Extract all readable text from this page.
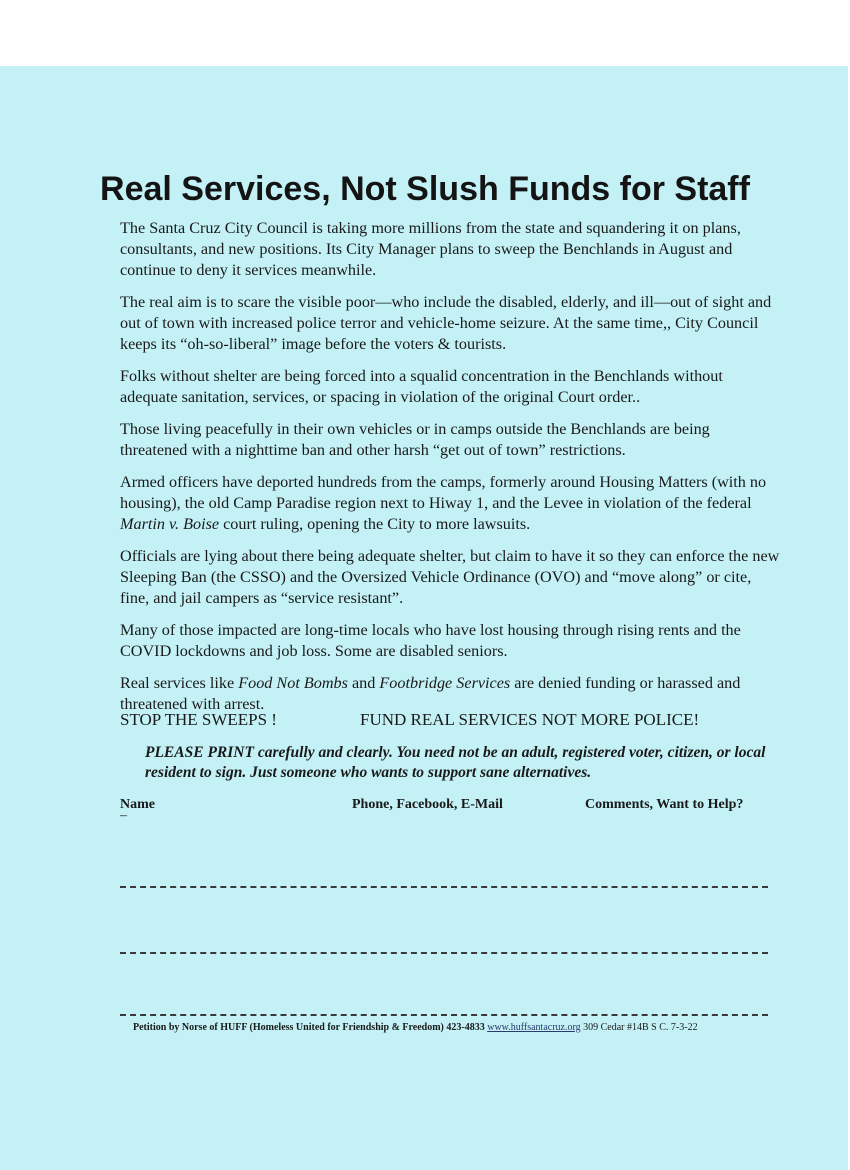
Real Services, Not Slush Funds for Staff

The Santa Cruz City Council is taking more millions from the state and squandering it on plans, consultants, and new positions. Its City Manager plans to sweep the Benchlands in August and continue to deny it services meanwhile.

The real aim is to scare the visible poor—who include the disabled, elderly, and ill—out of sight and out of town with increased police terror and vehicle-home seizure. At the same time,, City Council keeps its “oh-so-liberal” image before the voters & tourists.

Folks without shelter are being forced into a squalid concentration in the Benchlands without adequate sanitation, services, or spacing in violation of the original Court order..

Those living peacefully in their own vehicles or in camps outside the Benchlands are being threatened with a nighttime ban and other harsh “get out of town” restrictions.

Armed officers have deported hundreds from the camps, formerly around Housing Matters (with no housing), the old Camp Paradise region next to Hiway 1, and the Levee in violation of the federal Martin v. Boise court ruling, opening the City to more lawsuits.

Officials are lying about there being adequate shelter, but claim to have it so they can enforce the new Sleeping Ban (the CSSO) and the Oversized Vehicle Ordinance (OVO) and “move along” or cite, fine, and jail campers as “service resistant”.

Many of those impacted are long-time locals who have lost housing through rising rents and the COVID lockdowns and job loss. Some are disabled seniors.

Real services like Food Not Bombs and Footbridge Services are denied funding or harassed and threatened with arrest.

STOP THE SWEEPS !	FUND REAL SERVICES NOT MORE POLICE!
PLEASE PRINT carefully and clearly. You need not be an adult, registered voter, citizen, or local resident to sign. Just someone who wants to support sane alternatives.
Name	Phone, Facebook, E-Mail	Comments, Want to Help?
–
Petition by Norse of HUFF (Homeless United for Friendship & Freedom) 423-4833 www.huffsantacruz.org 309 Cedar #14B S C. 7-3-22
